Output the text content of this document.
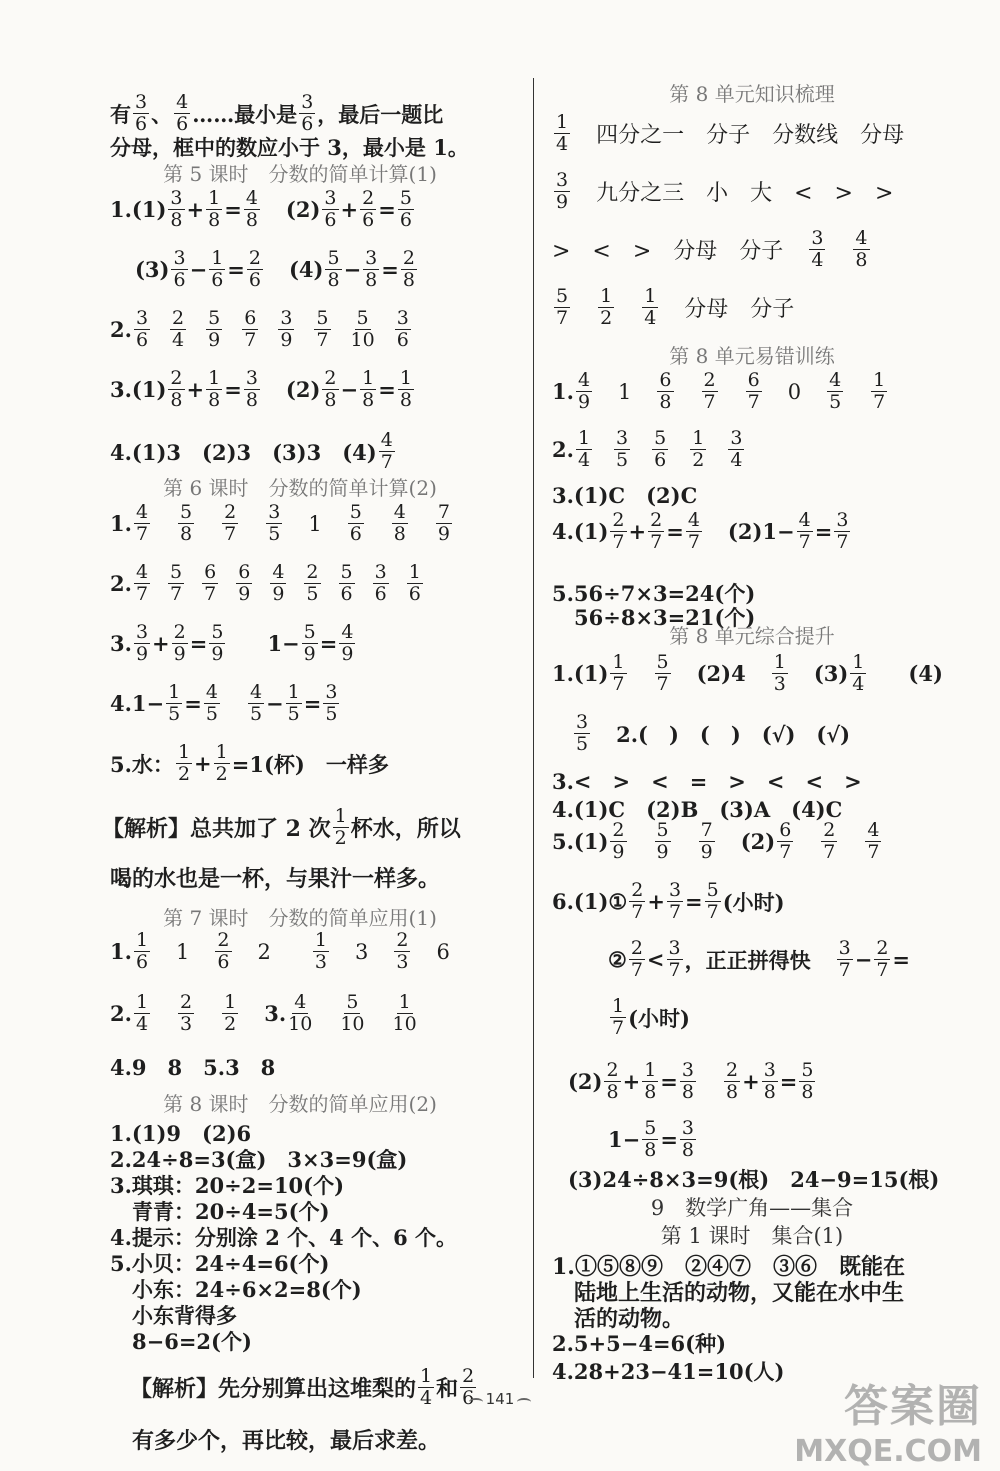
有 $\frac{3}{6}$ 、 $\frac{4}{6}$ ……最小是 $\frac{3}{6}$ ，最后一题比
分母，框中的数应小于 3，最小是 1。
第 5 课时　分数的简单计算(1)
$1.(1) \frac{3}{8} + \frac{1}{8} = \frac{4}{8} (2) \frac{3}{6} + \frac{2}{6} = \frac{5}{6}$
$(3) \frac{3}{6} - \frac{1}{6} = \frac{2}{6} (4) \frac{5}{8} - \frac{3}{8} = \frac{2}{8}$
2. $\frac{3}{6} \frac{2}{4} \frac{5}{9} \frac{6}{7} \frac{3}{9} \frac{5}{7} \frac{5}{10} \frac{3}{6}$
$3.(1) \frac{2}{8} + \frac{1}{8} = \frac{3}{8} (2) \frac{2}{8} - \frac{1}{8} = \frac{1}{8}$
4.(1)3　(2)3　(3)3　$(4) \frac{4}{7}$
第 6 课时　分数的简单计算(2)
1. $\frac{4}{7} \frac{5}{8} \frac{2}{7} \frac{3}{5} 1 \frac{5}{6} \frac{4}{8} \frac{7}{9}$
2. $\frac{4}{7} \frac{5}{7} \frac{6}{7} \frac{6}{9} \frac{4}{9} \frac{2}{5} \frac{5}{6} \frac{3}{6} \frac{1}{6}$
3. $\frac{3}{9} + \frac{2}{9} = \frac{5}{9} 1- \frac{5}{9} = \frac{4}{9}$
$4.1- \frac{1}{5} = \frac{4}{5} \frac{4}{5} - \frac{1}{5} = \frac{3}{5}$
5.水： $\frac{1}{2} + \frac{1}{2} =1$(杯)　一样多
【解析】总共加了 2 次 $\frac{1}{2}$ 杯水，所以
喝的水也是一杯，与果汁一样多。
第 7 课时　分数的简单应用(1)
1. $\frac{1}{6} 1 \frac{2}{6} 2 \frac{1}{3} 3 \frac{2}{3} 6$
2. $\frac{1}{4} \frac{2}{3} \frac{1}{2} 3$. $\frac{4}{10} \frac{5}{10} \frac{1}{10}$
4.9　8　5.3　8
第 8 课时　分数的简单应用(2)
1.(1)9　(2)6
2.24÷8=3(盒)　3×3=9(盒)
3.琪琪：20÷2=10(个)
青青：20÷4=5(个)
4.提示：分别涂 2 个、4 个、6 个。
5.小贝：24÷4=6(个)
小东：24÷6×2=8(个)
小东背得多
8−6=2(个)
【解析】先分别算出这堆梨的 $\frac{1}{4}$ 和 $\frac{2}{6}$
有多少个，再比较，最后求差。
第 8 单元知识梳理
$\frac{1}{4}$ 四分之一　分子　分数线　分母
$\frac{3}{9}$ 九分之三　小　大　<　>　>
>　<　>　分母　分子 $\frac{3}{4} \frac{4}{8}$
$\frac{5}{7} \frac{1}{2} \frac{1}{4}$ 分母　分子
第 8 单元易错训练
1. $\frac{4}{9} 1 \frac{6}{8} \frac{2}{7} \frac{6}{7} 0 \frac{4}{5} \frac{1}{7}$
2. $\frac{1}{4} \frac{3}{5} \frac{5}{6} \frac{1}{2} \frac{3}{4}$
3.(1)C　(2)C
$4.(1) \frac{2}{7} + \frac{2}{7} = \frac{4}{7} (2)1- \frac{4}{7} = \frac{3}{7}$
5.56÷7×3=24(个)
56÷8×3=21(个)
第 8 单元综合提升
$1.(1) \frac{1}{7} \frac{5}{7} (2)4 \frac{1}{3} (3) \frac{1}{4} (4)$
$\frac{3}{5} 2$.(　)　(　)　(√)　(√)
3.<　>　<　=　>　<　<　>
4.(1)C　(2)B　(3)A　(4)C
$5.(1) \frac{2}{9} \frac{5}{9} \frac{7}{9} (2) \frac{6}{7} \frac{2}{7} \frac{4}{7}$
6.(1)① $\frac{2}{7} + \frac{3}{7} = \frac{5}{7}$ (小时)
② $\frac{2}{7} < \frac{3}{7}$ ，正正拼得快 $\frac{3}{7} - \frac{2}{7}$ =
$\frac{1}{7}$ (小时)
$(2) \frac{2}{8} + \frac{1}{8} = \frac{3}{8} \frac{2}{8} + \frac{3}{8} = \frac{5}{8}$
$1- \frac{5}{8} = \frac{3}{8}$
(3)24÷8×3=9(根)　24−9=15(根)
9　数学广角——集合
第 1 课时　集合(1)
1.①⑤⑧⑨　②④⑦　③⑥　既能在
陆地上生活的动物，又能在水中生
活的动物。
2.5+5−4=6(种)
4.28+23−41=10(人)
141	答案圈
MXQE.COM
